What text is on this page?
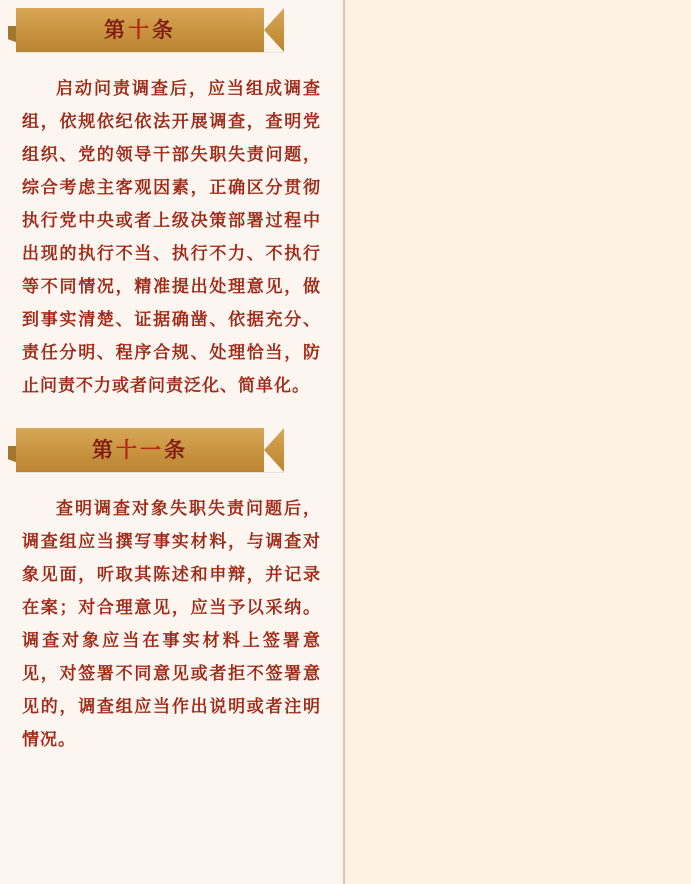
第十条

启动问责调查后，应当组成调查组，依规依纪依法开展调查，查明党组织、党的领导干部失职失责问题，综合考虑主客观因素，正确区分贯彻执行党中央或者上级决策部署过程中出现的执行不当、执行不力、不执行等不同情况，精准提出处理意见，做到事实清楚、证据确凿、依据充分、责任分明、程序合规、处理恰当，防止问责不力或者问责泛化、简单化。

第十一条

查明调查对象失职失责问题后，调查组应当撰写事实材料，与调查对象见面，听取其陈述和申辩，并记录在案；对合理意见，应当予以采纳。调查对象应当在事实材料上签署意见，对签署不同意见或者拒不签署意见的，调查组应当作出说明或者注明情况。
